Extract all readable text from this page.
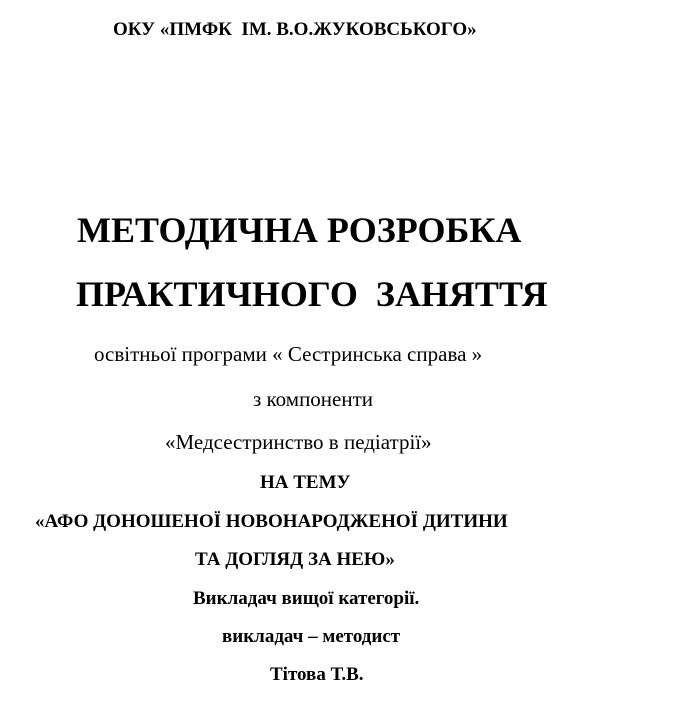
ОКУ «ПМФК  ІМ. В.О.ЖУКОВСЬКОГО»
МЕТОДИЧНА РОЗРОБКА
ПРАКТИЧНОГО  ЗАНЯТТЯ
освітньої програми « Сестринська справа »
з компоненти
«Медсестринство в педіатрії»
НА ТЕМУ
«АФО ДОНОШЕНОЇ НОВОНАРОДЖЕНОЇ ДИТИНИ
ТА ДОГЛЯД ЗА НЕЮ»
Викладач вищої категорії.
викладач – методист
Тітова Т.В.
